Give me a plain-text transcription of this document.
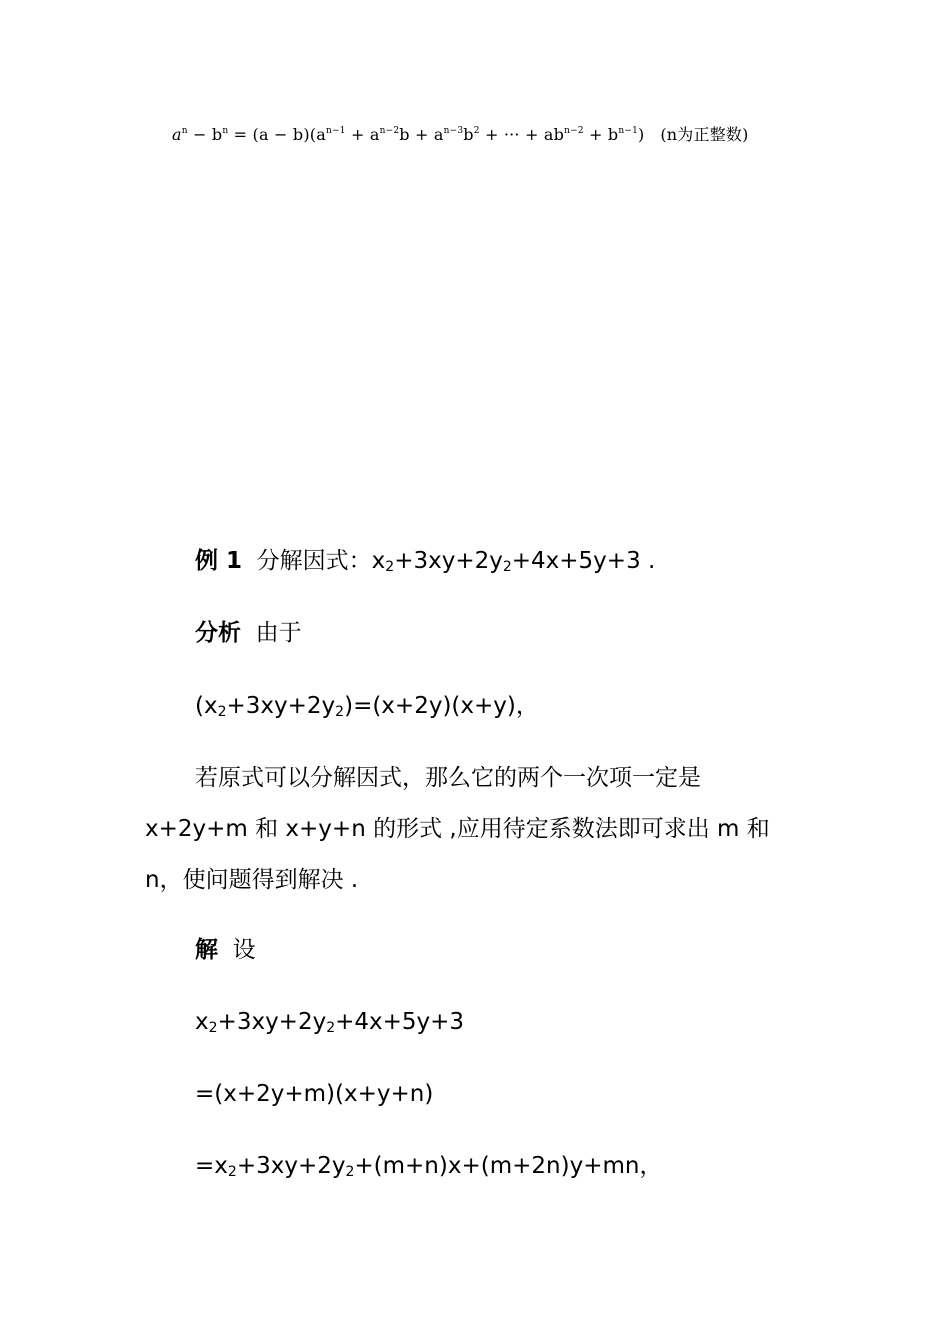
$a^n - b^n = (a - b)(a^{n-1} + a^{n-2}b + a^{n-3}b^2$ + ··· + $ab^{n-2} + b^{n-1}$) (n为正整数)
例 1 分解因式：$x_2+3xy+2y_2+4x+5y+3$ .
分析 由于
$(x_2+3xy+2y_2)=(x+2y)(x+y)$，
若原式可以分解因式，那么它的两个一次项一定是
x+2y+m 和 x+y+n 的形式 ,应用待定系数法即可求出 m 和
n，使问题得到解决 .
解 设
$x_2+3xy+2y_2+4x+5y+3$
=(x+2y+m)(x+y+n)
$=x_2+3xy+2y_2+(m+n)x+(m+2n)y+mn$，
